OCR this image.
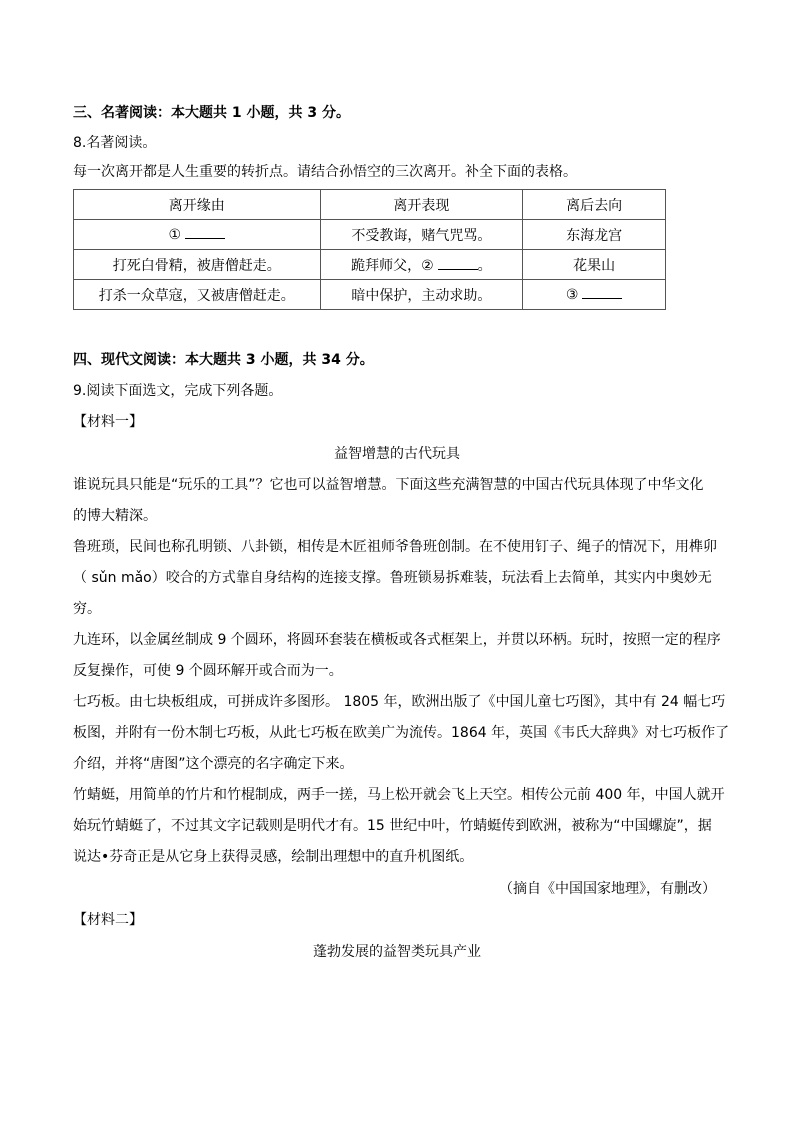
三、名著阅读：本大题共 1 小题，共 3 分。
8.名著阅读。
每一次离开都是人生重要的转折点。请结合孙悟空的三次离开。补全下面的表格。
离开缘由	离开表现	离后去向
①	不受教诲，赌气咒骂。	东海龙宫
打死白骨精，被唐僧赶走。	跪拜师父，② 。	花果山
打杀一众草寇，又被唐僧赶走。	暗中保护，主动求助。	③
四、现代文阅读：本大题共 3 小题，共 34 分。
9.阅读下面选文，完成下列各题。
【材料一】
益智增慧的古代玩具
谁说玩具只能是“玩乐的工具”？它也可以益智增慧。下面这些充满智慧的中国古代玩具体现了中华文化
的博大精深。
鲁班琐，民间也称孔明锁、八卦锁，相传是木匠祖师爷鲁班创制。在不使用钉子、绳子的情况下，用榫卯
（ sǔn mǎo）咬合的方式靠自身结构的连接支撑。鲁班锁易拆难装，玩法看上去简单，其实内中奥妙无
穷。
九连环，以金属丝制成 9 个圆环，将圆环套装在横板或各式框架上，并贯以环柄。玩时，按照一定的程序
反复操作，可使 9 个圆环解开或合而为一。
七巧板。由七块板组成，可拼成许多图形。 1805 年，欧洲出版了《中国儿童七巧图》，其中有 24 幅七巧
板图，并附有一份木制七巧板，从此七巧板在欧美广为流传。1864 年，英国《韦氏大辞典》对七巧板作了
介绍，并将“唐图”这个漂亮的名字确定下来。
竹蜻蜓，用简单的竹片和竹棍制成，两手一搓，马上松开就会飞上天空。相传公元前 400 年，中国人就开
始玩竹蜻蜓了，不过其文字记载则是明代才有。15 世纪中叶，竹蜻蜓传到欧洲，被称为“中国螺旋”，据
说达•芬奇正是从它身上获得灵感，绘制出理想中的直升机图纸。
（摘自《中国国家地理》，有删改）
【材料二】
蓬勃发展的益智类玩具产业
